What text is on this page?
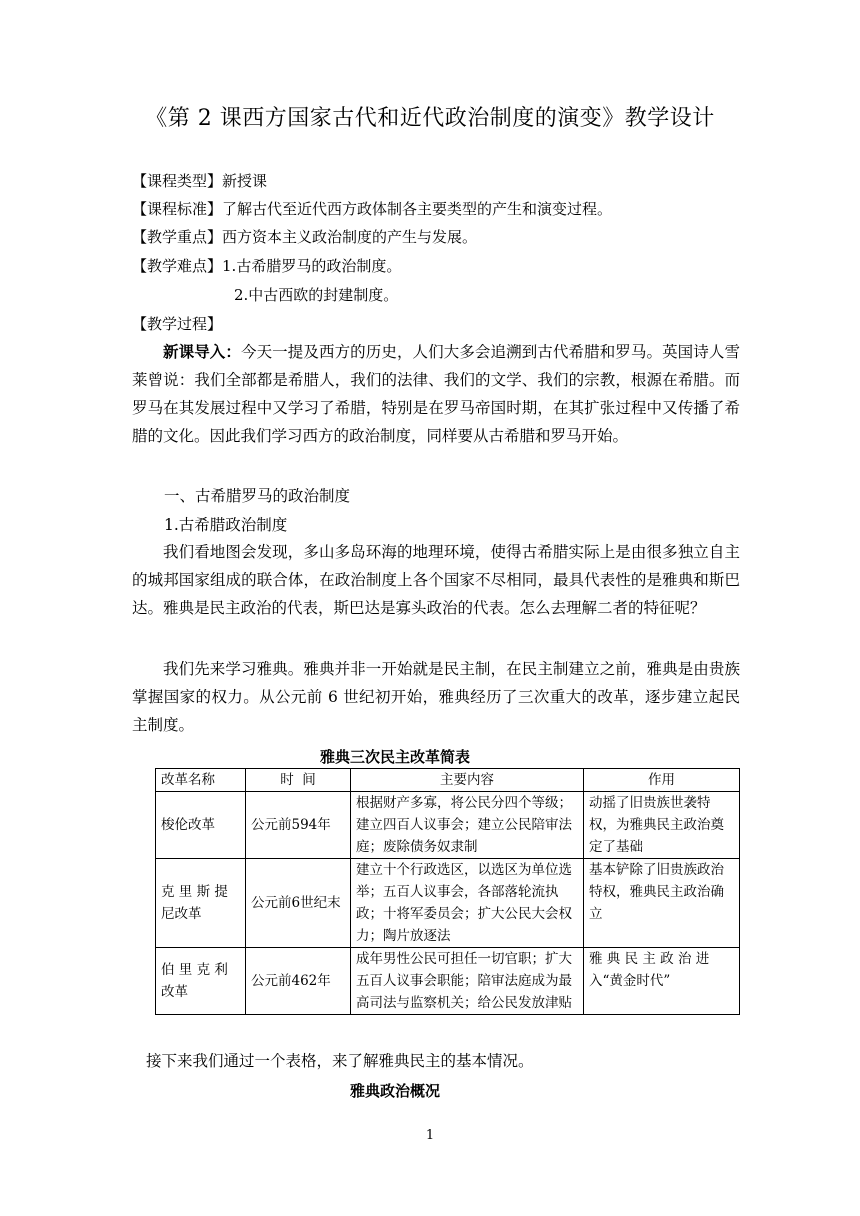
《第 2 课西方国家古代和近代政治制度的演变》教学设计
【课程类型】新授课
【课程标准】了解古代至近代西方政体制各主要类型的产生和演变过程。
【教学重点】西方资本主义政治制度的产生与发展。
【教学难点】1.古希腊罗马的政治制度。
2.中古西欧的封建制度。
【教学过程】

新课导入：今天一提及西方的历史，人们大多会追溯到古代希腊和罗马。英国诗人雪莱曾说：我们全部都是希腊人，我们的法律、我们的文学、我们的宗教，根源在希腊。而罗马在其发展过程中又学习了希腊，特别是在罗马帝国时期，在其扩张过程中又传播了希腊的文化。因此我们学习西方的政治制度，同样要从古希腊和罗马开始。

一、古希腊罗马的政治制度
1.古希腊政治制度

我们看地图会发现，多山多岛环海的地理环境，使得古希腊实际上是由很多独立自主的城邦国家组成的联合体，在政治制度上各个国家不尽相同，最具代表性的是雅典和斯巴达。雅典是民主政治的代表，斯巴达是寡头政治的代表。怎么去理解二者的特征呢？

我们先来学习雅典。雅典并非一开始就是民主制，在民主制建立之前，雅典是由贵族掌握国家的权力。从公元前 6 世纪初开始，雅典经历了三次重大的改革，逐步建立起民主制度。

雅典三次民主改革简表
改革名称	时  间	主要内容	作用
梭伦改革	公元前594年	根据财产多寡，将公民分四个等级；建立四百人议事会；建立公民陪审法庭；废除债务奴隶制	动摇了旧贵族世袭特权，为雅典民主政治奠定了基础
克 里 斯 提尼改革	公元前6世纪末	建立十个行政选区，以选区为单位选举；五百人议事会，各部落轮流执政；十将军委员会；扩大公民大会权力；陶片放逐法	基本铲除了旧贵族政治特权，雅典民主政治确立
伯 里 克 利改革	公元前462年	成年男性公民可担任一切官职；扩大五百人议事会职能；陪审法庭成为最高司法与监察机关；给公民发放津贴	雅 典 民 主 政 治 进 入“黄金时代”
接下来我们通过一个表格，来了解雅典民主的基本情况。
雅典政治概况
1
